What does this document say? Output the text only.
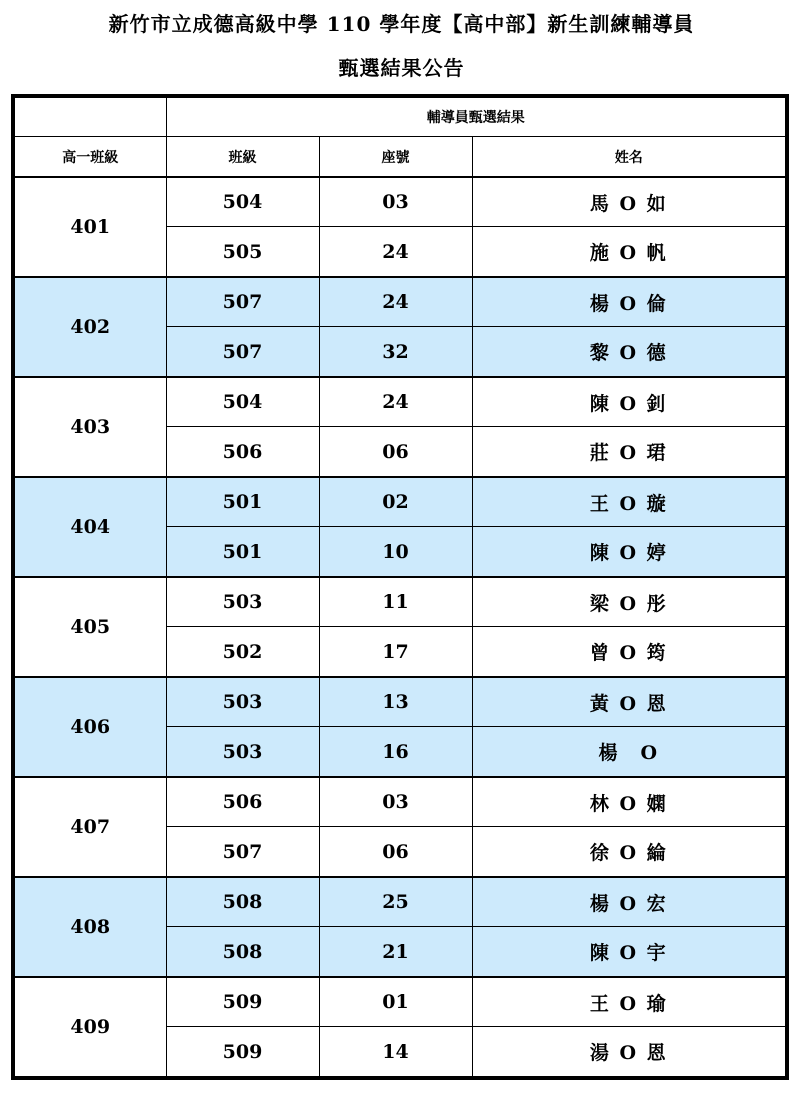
新竹市立成德高級中學 110 學年度【高中部】新生訓練輔導員
甄選結果公告
	輔導員甄選結果		
高一班級	班級	座號	姓名
401	504	03	馬 O 如
	505	24	施 O 帆
402	507	24	楊 O 倫
	507	32	黎 O 德
403	504	24	陳 O 釗
	506	06	莊 O 珺
404	501	02	王 O 璇
	501	10	陳 O 婷
405	503	11	梁 O 彤
	502	17	曾 O 筠
406	503	13	黃 O 恩
	503	16	楊　O
407	506	03	林 O 嫻
	507	06	徐 O 綸
408	508	25	楊 O 宏
	508	21	陳 O 宇
409	509	01	王 O 瑜
	509	14	湯 O 恩
